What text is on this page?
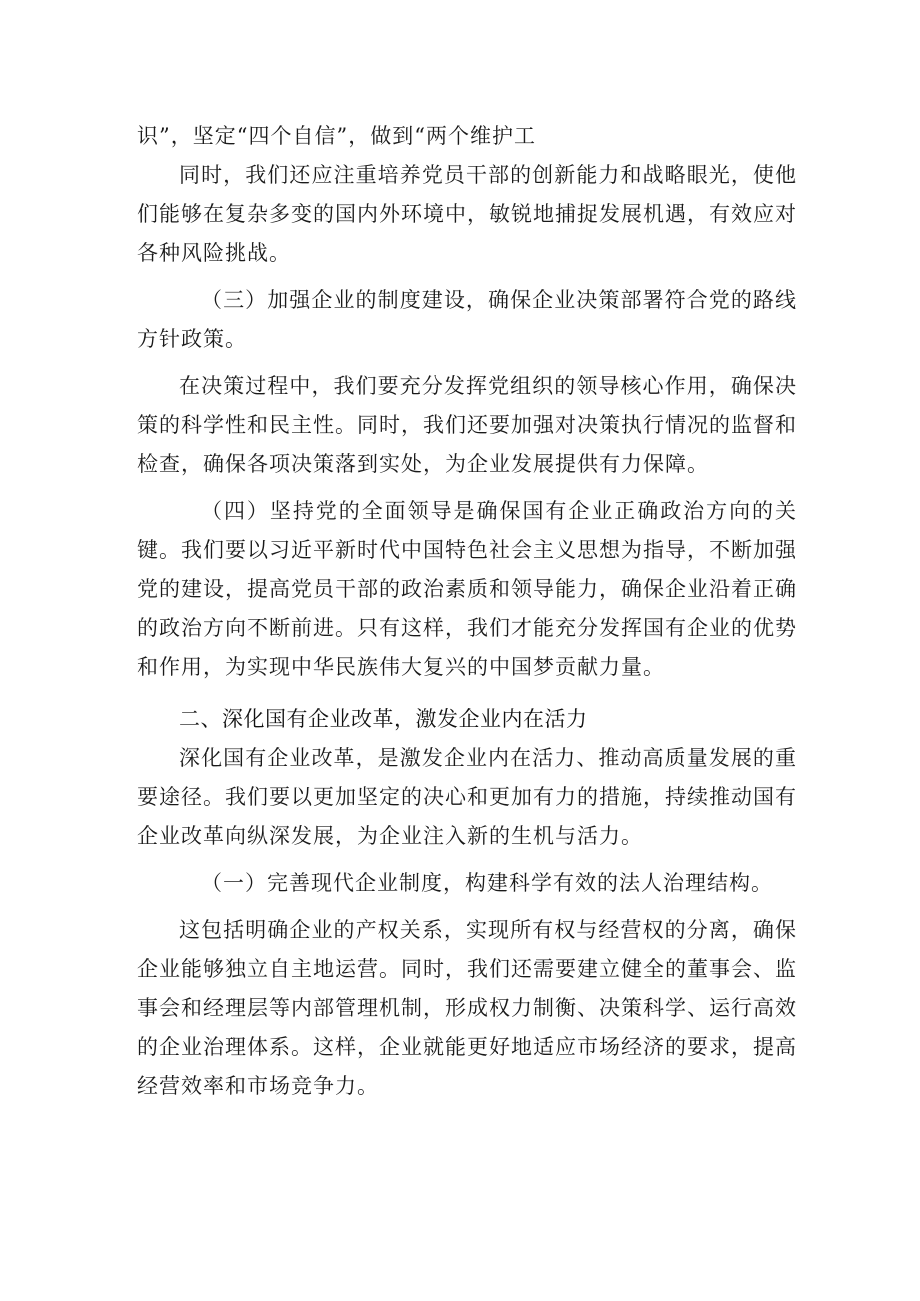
识”，坚定“四个自信”，做到“两个维护工

同时，我们还应注重培养党员干部的创新能力和战略眼光，使他们能够在复杂多变的国内外环境中，敏锐地捕捉发展机遇，有效应对各种风险挑战。

（三）加强企业的制度建设，确保企业决策部署符合党的路线方针政策。

在决策过程中，我们要充分发挥党组织的领导核心作用，确保决策的科学性和民主性。同时，我们还要加强对决策执行情况的监督和检查，确保各项决策落到实处，为企业发展提供有力保障。

（四）坚持党的全面领导是确保国有企业正确政治方向的关键。我们要以习近平新时代中国特色社会主义思想为指导，不断加强党的建设，提高党员干部的政治素质和领导能力，确保企业沿着正确的政治方向不断前进。只有这样，我们才能充分发挥国有企业的优势和作用，为实现中华民族伟大复兴的中国梦贡献力量。

二、深化国有企业改革，激发企业内在活力

深化国有企业改革，是激发企业内在活力、推动高质量发展的重要途径。我们要以更加坚定的决心和更加有力的措施，持续推动国有企业改革向纵深发展，为企业注入新的生机与活力。

（一）完善现代企业制度，构建科学有效的法人治理结构。

这包括明确企业的产权关系，实现所有权与经营权的分离，确保企业能够独立自主地运营。同时，我们还需要建立健全的董事会、监事会和经理层等内部管理机制，形成权力制衡、决策科学、运行高效的企业治理体系。这样，企业就能更好地适应市场经济的要求，提高经营效率和市场竞争力。
